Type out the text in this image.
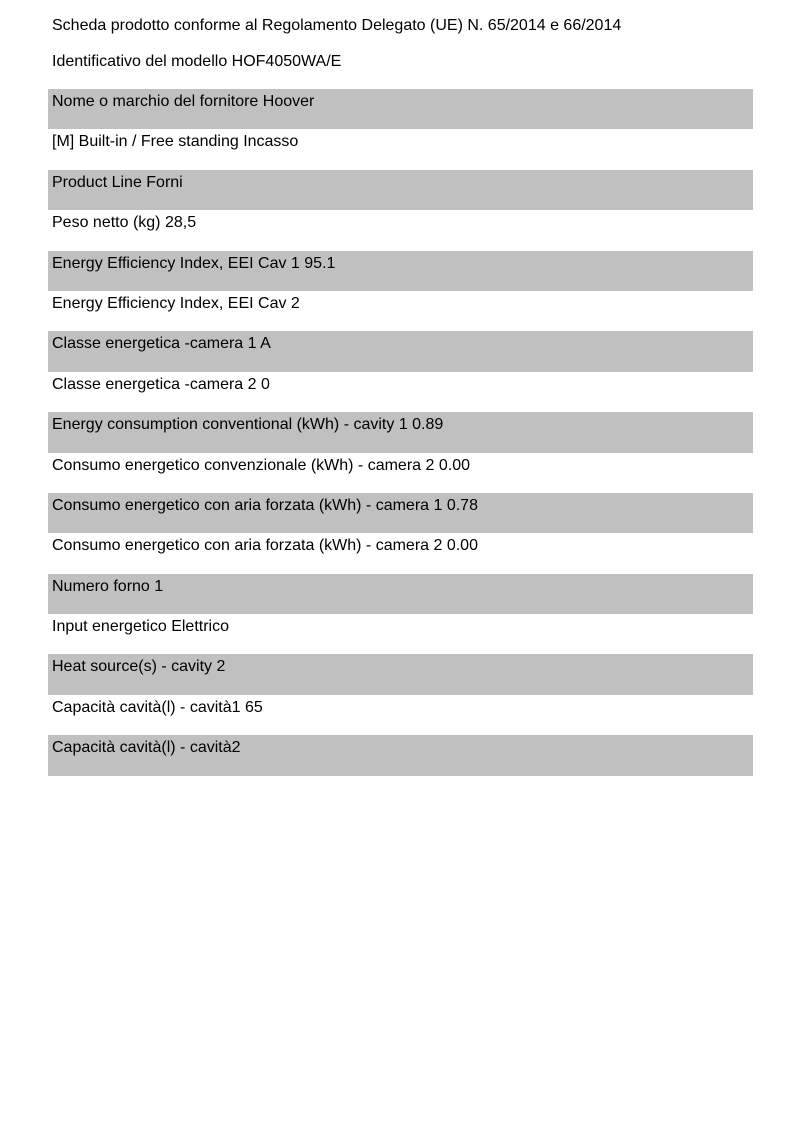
Scheda prodotto conforme al Regolamento Delegato (UE) N. 65/2014 e 66/2014
Identificativo del modello HOF4050WA/E
Nome o marchio del fornitore Hoover
[M] Built-in / Free standing Incasso
Product Line Forni
Peso netto (kg) 28,5
Energy Efficiency Index, EEI Cav 1 95.1
Energy Efficiency Index, EEI Cav 2
Classe energetica -camera 1 A
Classe energetica -camera 2 0
Energy consumption conventional (kWh) - cavity 1 0.89
Consumo energetico convenzionale (kWh) - camera 2 0.00
Consumo energetico con aria forzata (kWh) - camera 1 0.78
Consumo energetico con aria forzata (kWh) - camera 2 0.00
Numero forno 1
Input energetico Elettrico
Heat source(s) - cavity 2
Capacità cavità(l) - cavità1 65
Capacità cavità(l) - cavità2
